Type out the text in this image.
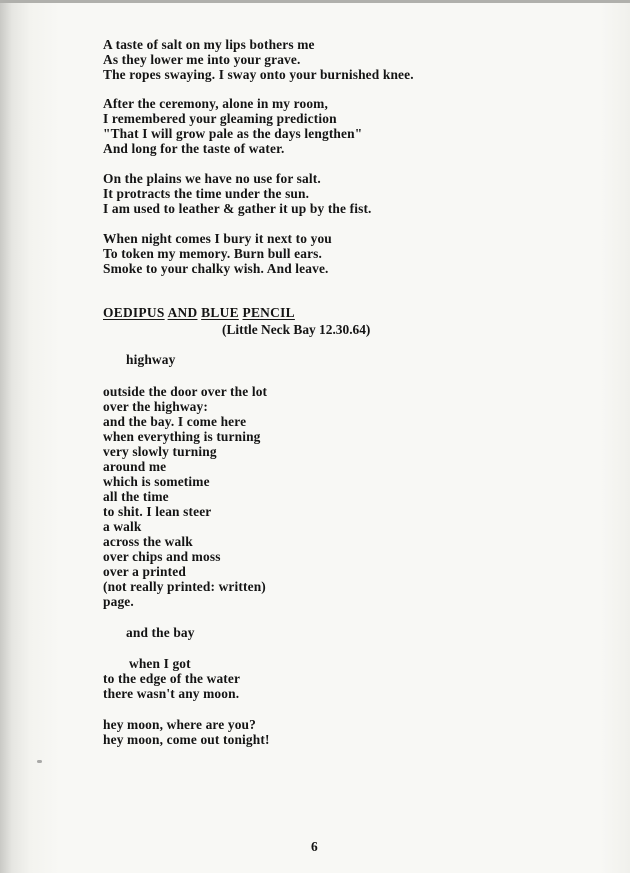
A taste of salt on my lips bothers me
As they lower me into your grave.
The ropes swaying. I sway onto your burnished knee.
After the ceremony, alone in my room,
I remembered your gleaming prediction
"That I will grow pale as the days lengthen"
And long for the taste of water.
On the plains we have no use for salt.
It protracts the time under the sun.
I am used to leather & gather it up by the fist.
When night comes I bury it next to you
To token my memory. Burn bull ears.
Smoke to your chalky wish. And leave.
OEDIPUS AND BLUE PENCIL
(Little Neck Bay 12.30.64)
highway
outside the door over the lot
over the highway:
and the bay. I come here
when everything is turning
very slowly turning
around me
which is sometime
all the time
to shit. I lean steer
a walk
across the walk
over chips and moss
over a printed
(not really printed: written)
page.
and the bay
when I got
to the edge of the water
there wasn't any moon.
hey moon, where are you?
hey moon, come out tonight!
6
